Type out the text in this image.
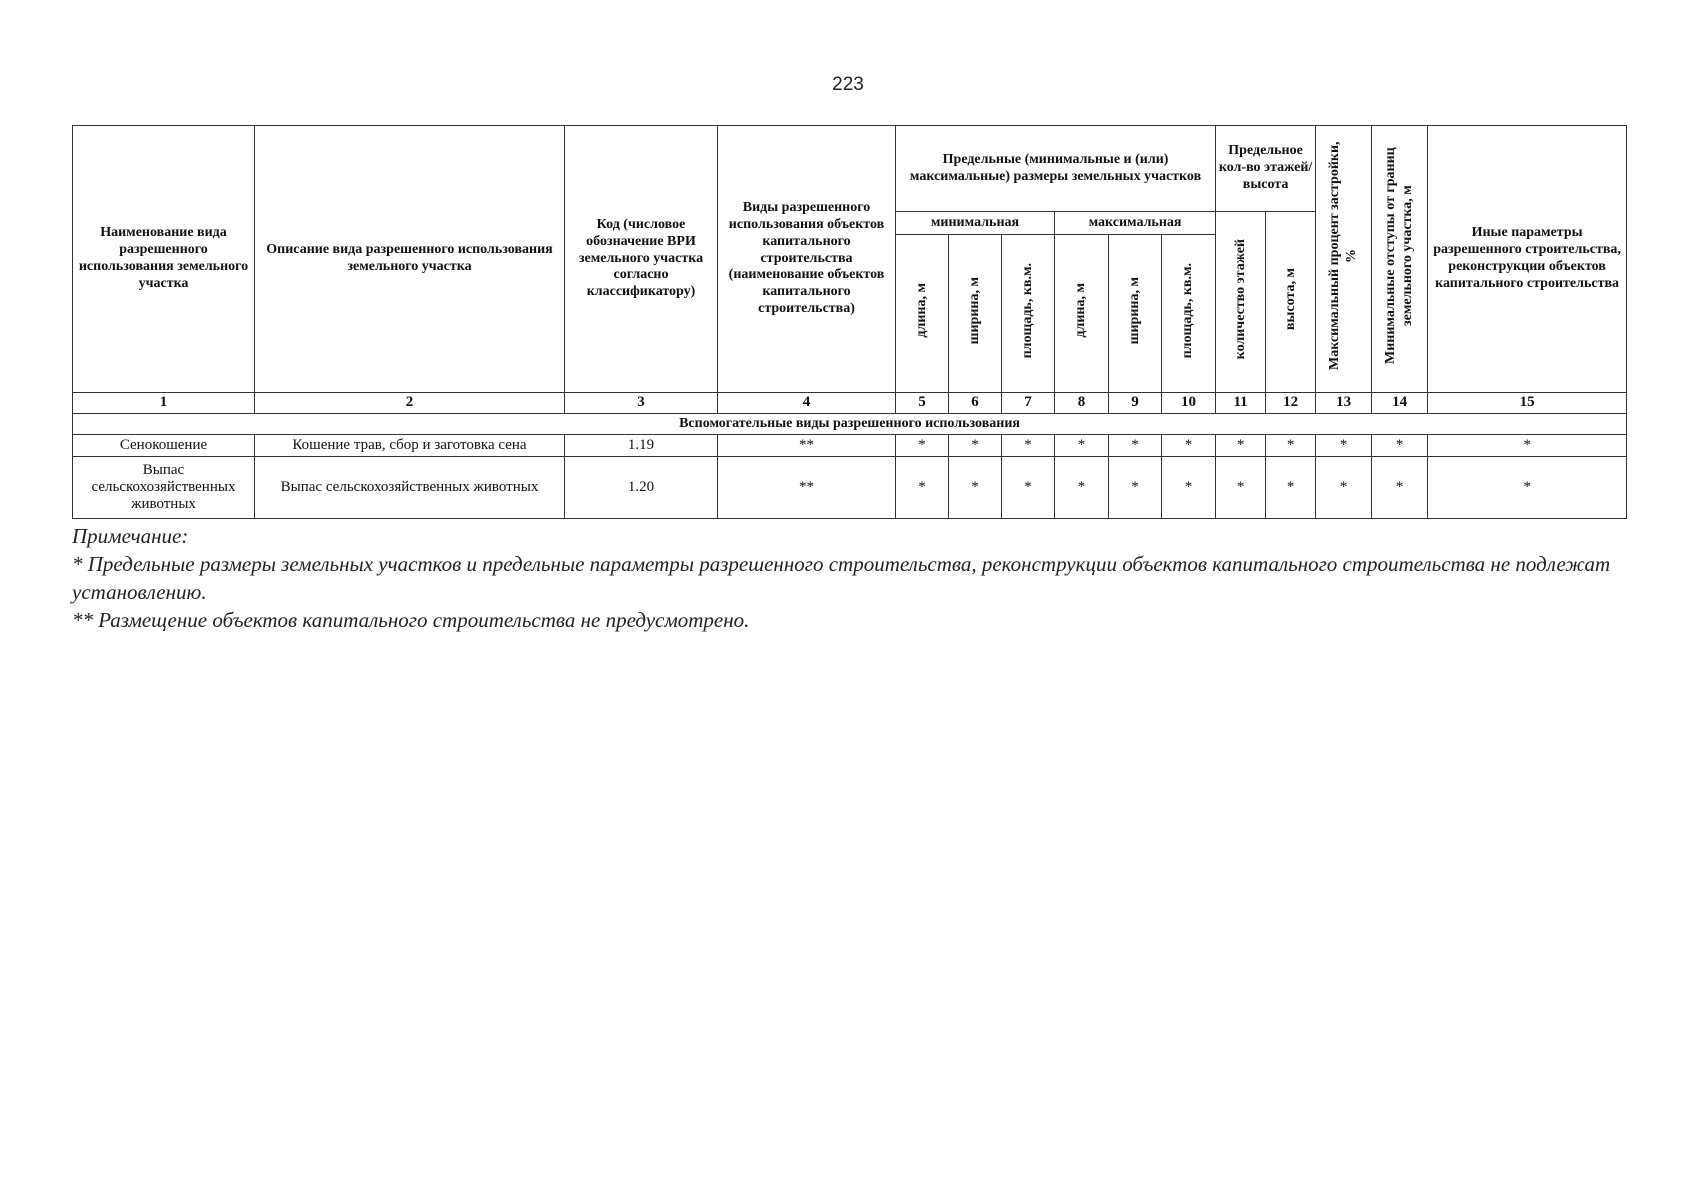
223
Наименование вида разрешенного использования земельного участка	Описание вида разрешенного использования земельного участка	Код (числовое обозначение ВРИ земельного участка согласно классификатору)	Виды разрешенного использования объектов капитального строительства (наименование объектов капитального строительства)	Предельные (минимальные и (или) максимальные) размеры земельных участков						Предельное кол-во этажей/ высота		Максимальный процент застройки, %	Минимальные отступы от границ земельного участка, м	Иные параметры разрешенного строительства, реконструкции объектов капитального строительства
				минимальная			максимальная			количество этажей	высота, м			
				длина, м	ширина, м	площадь, кв.м.	длина, м	ширина, м	площадь, кв.м.					
1	2	3	4	5	6	7	8	9	10	11	12	13	14	15
Вспомогательные виды разрешенного использования														
Сенокошение	Кошение трав, сбор и заготовка сена	1.19	**	*	*	*	*	*	*	*	*	*	*	*
Выпас сельскохозяйственных животных	Выпас сельскохозяйственных животных	1.20	**	*	*	*	*	*	*	*	*	*	*	*

Примечание:

* Предельные размеры земельных участков и предельные параметры разрешенного строительства, реконструкции объектов капитального строительства не подлежат установлению.

** Размещение объектов капитального строительства не предусмотрено.
